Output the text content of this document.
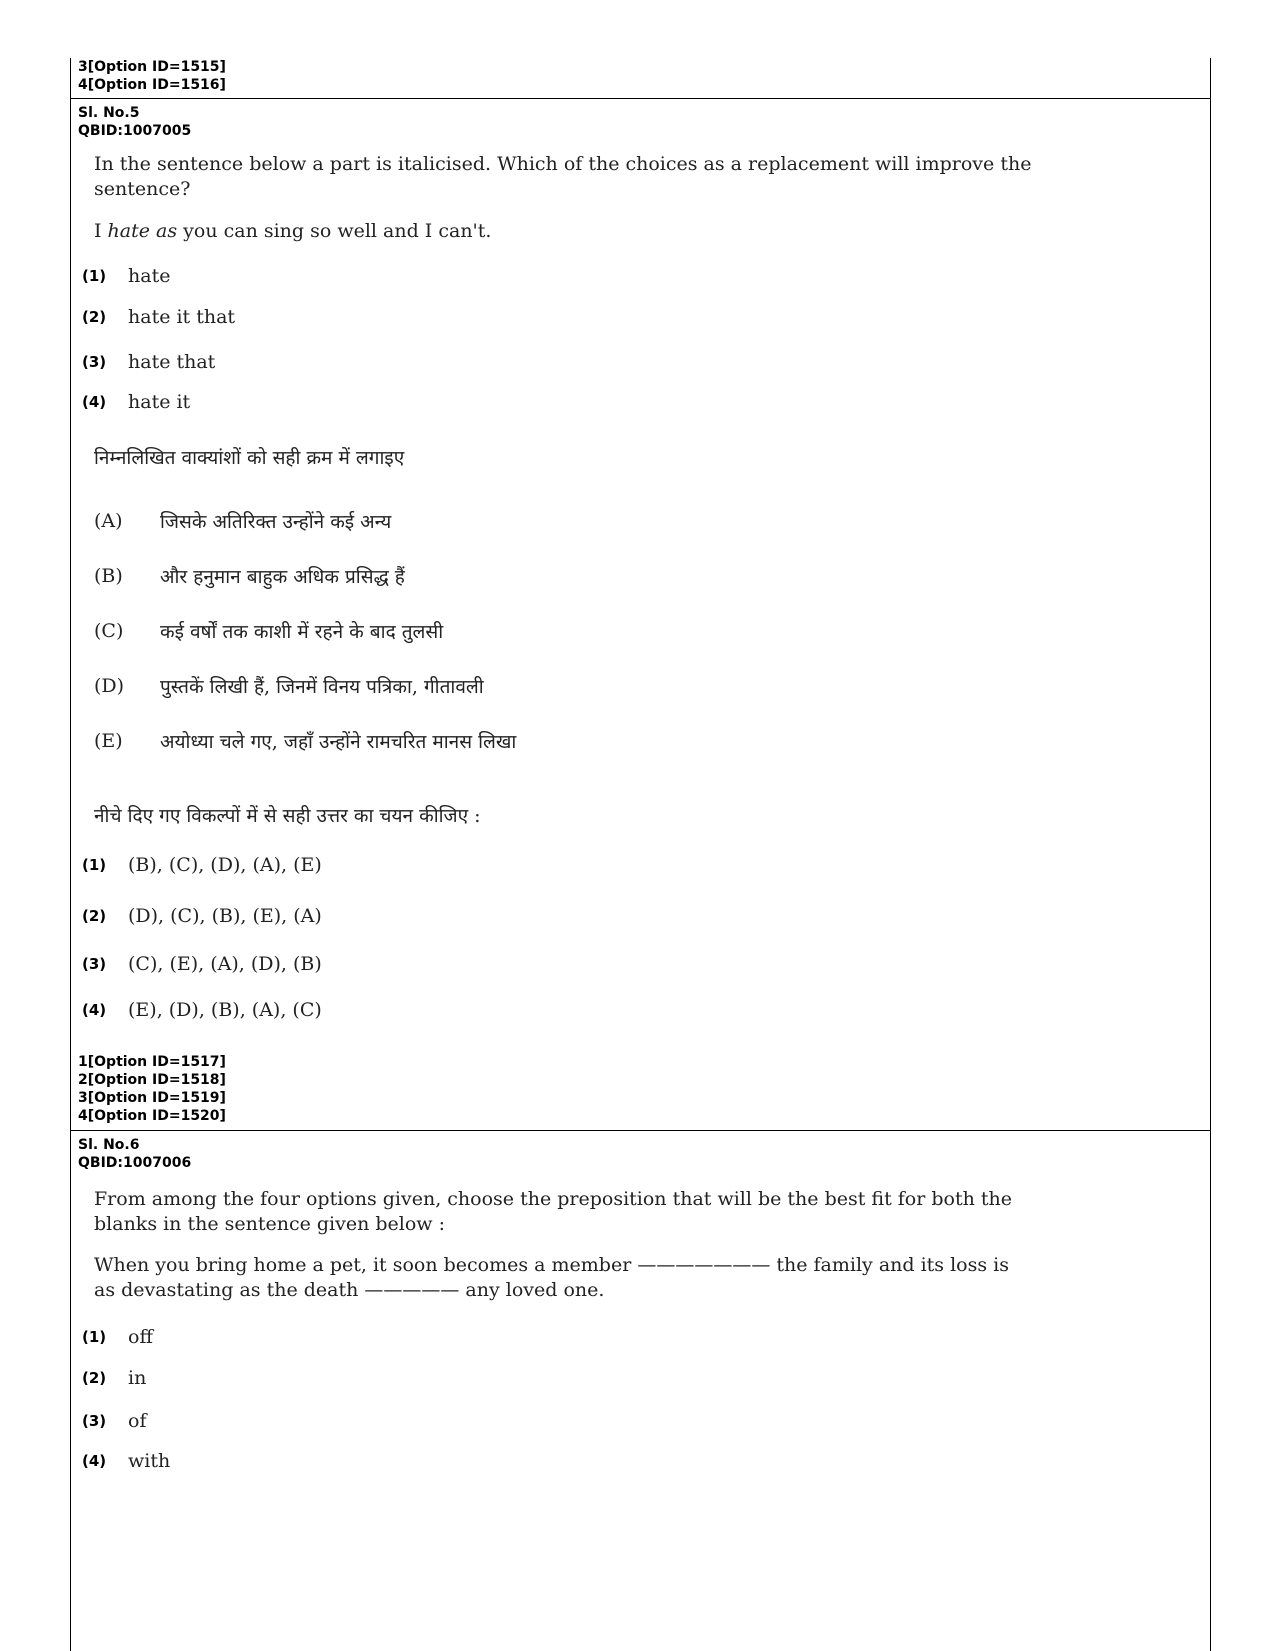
3[Option ID=1515]
4[Option ID=1516]
Sl. No.5
QBID:1007005
In the sentence below a part is italicised. Which of the choices as a replacement will improve the sentence?
I hate as you can sing so well and I can't.
(1)	hate
(2)	hate it that
(3)	hate that
(4)	hate it
निम्नलिखित वाक्यांशों को सही क्रम में लगाइए
(A)	जिसके अतिरिक्त उन्होंने कई अन्य
(B)	और हनुमान बाहुक अधिक प्रसिद्ध हैं
(C)	कई वर्षों तक काशी में रहने के बाद तुलसी
(D)	पुस्तकें लिखी हैं, जिनमें विनय पत्रिका, गीतावली
(E)	अयोध्या चले गए, जहाँ उन्होंने रामचरित मानस लिखा
नीचे दिए गए विकल्पों में से सही उत्तर का चयन कीजिए :
(1)	(B), (C), (D), (A), (E)
(2)	(D), (C), (B), (E), (A)
(3)	(C), (E), (A), (D), (B)
(4)	(E), (D), (B), (A), (C)
1[Option ID=1517]
2[Option ID=1518]
3[Option ID=1519]
4[Option ID=1520]
Sl. No.6
QBID:1007006
From among the four options given, choose the preposition that will be the best fit for both the blanks in the sentence given below :
When you bring home a pet, it soon becomes a member ——————— the family and its loss is
as devastating as the death ————— any loved one.
(1)	off
(2)	in
(3)	of
(4)	with
